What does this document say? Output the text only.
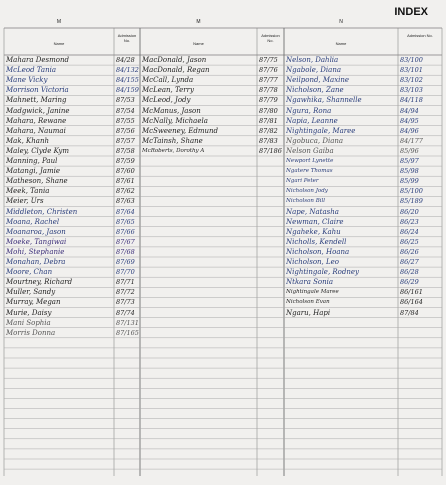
INDEX
M
Name
Admission No.
Mahara Desmond	84/28
McLeod Tania	84/132
Mane Vicky	84/155
Morrison Victoria	84/159
Mahnett, Maring	87/53
Madgwick, Janine	87/54
Mahara, Rewane	87/55
Mahara, Naumai	87/56
Mak, Khanh	87/57
Maley, Clyde Kym	87/58
Manning, Paul	87/59
Matangi, Jamie	87/60
Matheson, Shane	87/61
Meek, Tania	87/62
Meier, Urs	87/63
Middleton, Christen	87/64
Moana, Rachel	87/65
Moanaroa, Jason	87/66
Moeke, Tangiwai	87/67
Mohi, Stephanie	87/68
Monahan, Debra	87/69
Moore, Chan	87/70
Mourtney, Richard	87/71
Muller, Sandy	87/72
Murray, Megan	87/73
Murie, Daisy	87/74
Mani Sophia	87/131
Morris Donna	87/165
M
Name
Admission No.
MacDonald, Jason	87/75
MacDonald, Regan	87/76
McCall, Lynda	87/77
McLean, Terry	87/78
McLeod, Jody	87/79
McManus, Jason	87/80
McNally, Michaela	87/81
McSweeney, Edmund	87/82
McTainsh, Shane	87/83
McRoberts, Dorothy A	87/186
N
Name
Admission No.
Nelson, Dahlia	83/100
Ngabole, Diana	83/101
Neilpond, Maxine	83/102
Nicholson, Zane	83/103
Ngawhika, Shannelle	84/118
Ngura, Rona	84/94
Napia, Leanne	84/95
Nightingale, Maree	84/96
Ngobuca, Diana	84/177
Nelson Gaiba	85/96
Newport Lynette	85/97
Ngatere Thomas	85/98
Ngari Peter	85/99
Nicholson Jody	85/100
Nicholson Bill	85/189
Nape, Natasha	86/20
Newman, Claire	86/23
Ngaheke, Kahu	86/24
Nicholls, Kendell	86/25
Nicholson, Hoana	86/26
Nicholson, Leo	86/27
Nightingale, Rodney	86/28
Ntkara Sonia	86/29
Nightingale Maree	86/161
Nicholson Evan	86/164
Ngaru, Hapi	87/84
